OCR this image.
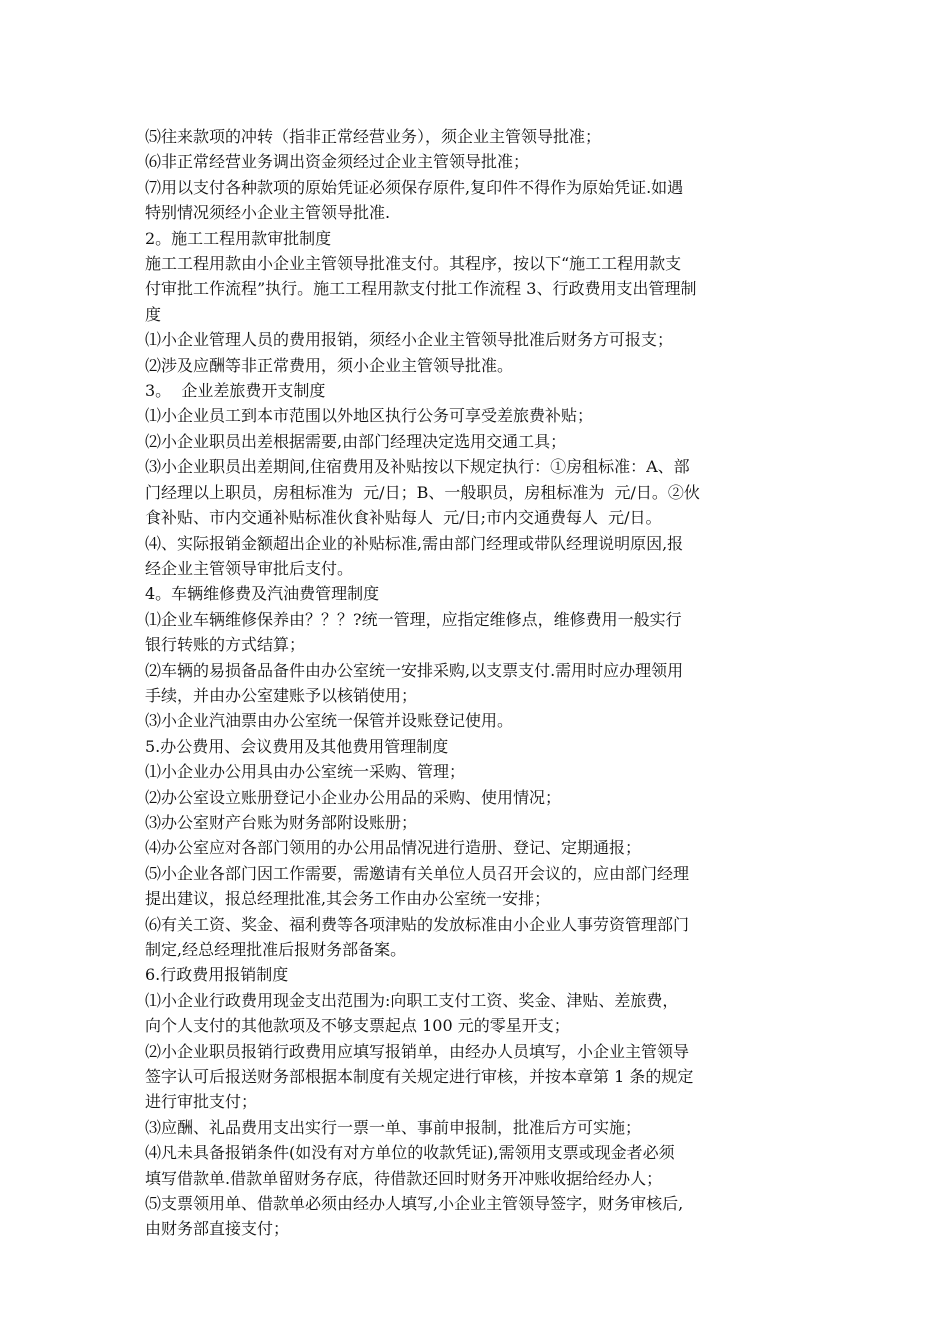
⑸往来款项的冲转（指非正常经营业务），须企业主管领导批准；

⑹非正常经营业务调出资金须经过企业主管领导批准；

⑺用以支付各种款项的原始凭证必须保存原件,复印件不得作为原始凭证.如遇

特别情况须经小企业主管领导批准.

2。施工工程用款审批制度

施工工程用款由小企业主管领导批准支付。其程序，按以下“施工工程用款支

付审批工作流程”执行。施工工程用款支付批工作流程 3、行政费用支出管理制

度

⑴小企业管理人员的费用报销，须经小企业主管领导批准后财务方可报支；

⑵涉及应酬等非正常费用，须小企业主管领导批准。

3。  企业差旅费开支制度

⑴小企业员工到本市范围以外地区执行公务可享受差旅费补贴；

⑵小企业职员出差根据需要,由部门经理决定选用交通工具；

⑶小企业职员出差期间,住宿费用及补贴按以下规定执行：①房租标准：A、部

门经理以上职员，房租标准为  元/日；B、一般职员，房租标准为  元/日。②伙

食补贴、市内交通补贴标准伙食补贴每人  元/日;市内交通费每人  元/日。

⑷、实际报销金额超出企业的补贴标准,需由部门经理或带队经理说明原因,报

经企业主管领导审批后支付。

4。车辆维修费及汽油费管理制度

⑴企业车辆维修保养由？？？?统一管理，应指定维修点，维修费用一般实行

银行转账的方式结算；

⑵车辆的易损备品备件由办公室统一安排采购,以支票支付.需用时应办理领用

手续，并由办公室建账予以核销使用；

⑶小企业汽油票由办公室统一保管并设账登记使用。

5.办公费用、会议费用及其他费用管理制度

⑴小企业办公用具由办公室统一采购、管理；

⑵办公室设立账册登记小企业办公用品的采购、使用情况；

⑶办公室财产台账为财务部附设账册；

⑷办公室应对各部门领用的办公用品情况进行造册、登记、定期通报；

⑸小企业各部门因工作需要，需邀请有关单位人员召开会议的，应由部门经理

提出建议，报总经理批准,其会务工作由办公室统一安排；

⑹有关工资、奖金、福利费等各项津贴的发放标准由小企业人事劳资管理部门

制定,经总经理批准后报财务部备案。

6.行政费用报销制度

⑴小企业行政费用现金支出范围为:向职工支付工资、奖金、津贴、差旅费，

向个人支付的其他款项及不够支票起点 100 元的零星开支；

⑵小企业职员报销行政费用应填写报销单，由经办人员填写，小企业主管领导

签字认可后报送财务部根据本制度有关规定进行审核，并按本章第 1 条的规定

进行审批支付；

⑶应酬、礼品费用支出实行一票一单、事前申报制，批准后方可实施；

⑷凡未具备报销条件(如没有对方单位的收款凭证),需领用支票或现金者必须

填写借款单.借款单留财务存底，待借款还回时财务开冲账收据给经办人；

⑸支票领用单、借款单必须由经办人填写,小企业主管领导签字，财务审核后,

由财务部直接支付；
